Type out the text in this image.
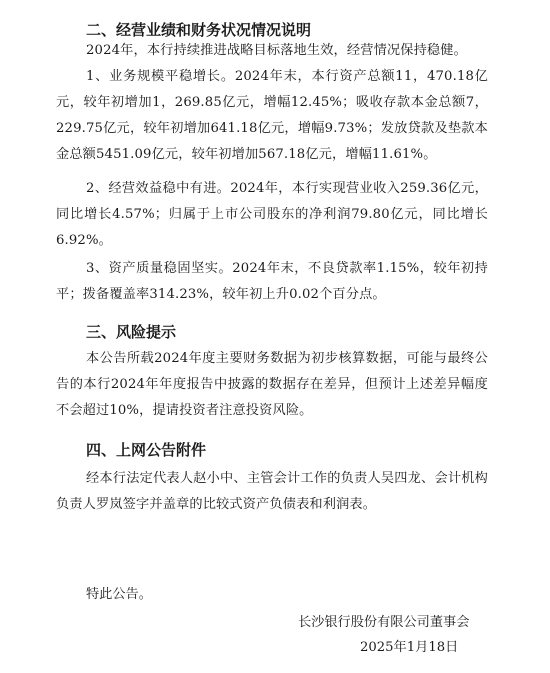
二、经营业绩和财务状况情况说明

2024年，本行持续推进战略目标落地生效，经营情况保持稳健。

1、业务规模平稳增长。2024年末，本行资产总额11，470.18亿元，较年初增加1，269.85亿元，增幅12.45%；吸收存款本金总额7，229.75亿元，较年初增加641.18亿元，增幅9.73%；发放贷款及垫款本金总额5451.09亿元，较年初增加567.18亿元，增幅11.61%。

2、经营效益稳中有进。2024年，本行实现营业收入259.36亿元，同比增长4.57%；归属于上市公司股东的净利润79.80亿元，同比增长6.92%。

3、资产质量稳固坚实。2024年末，不良贷款率1.15%，较年初持平；拨备覆盖率314.23%，较年初上升0.02个百分点。

三、风险提示

本公告所载2024年度主要财务数据为初步核算数据，可能与最终公告的本行2024年年度报告中披露的数据存在差异，但预计上述差异幅度不会超过10%，提请投资者注意投资风险。

四、上网公告附件

经本行法定代表人赵小中、主管会计工作的负责人吴四龙、会计机构负责人罗岚签字并盖章的比较式资产负债表和利润表。

特此公告。
长沙银行股份有限公司董事会
2025年1月18日
